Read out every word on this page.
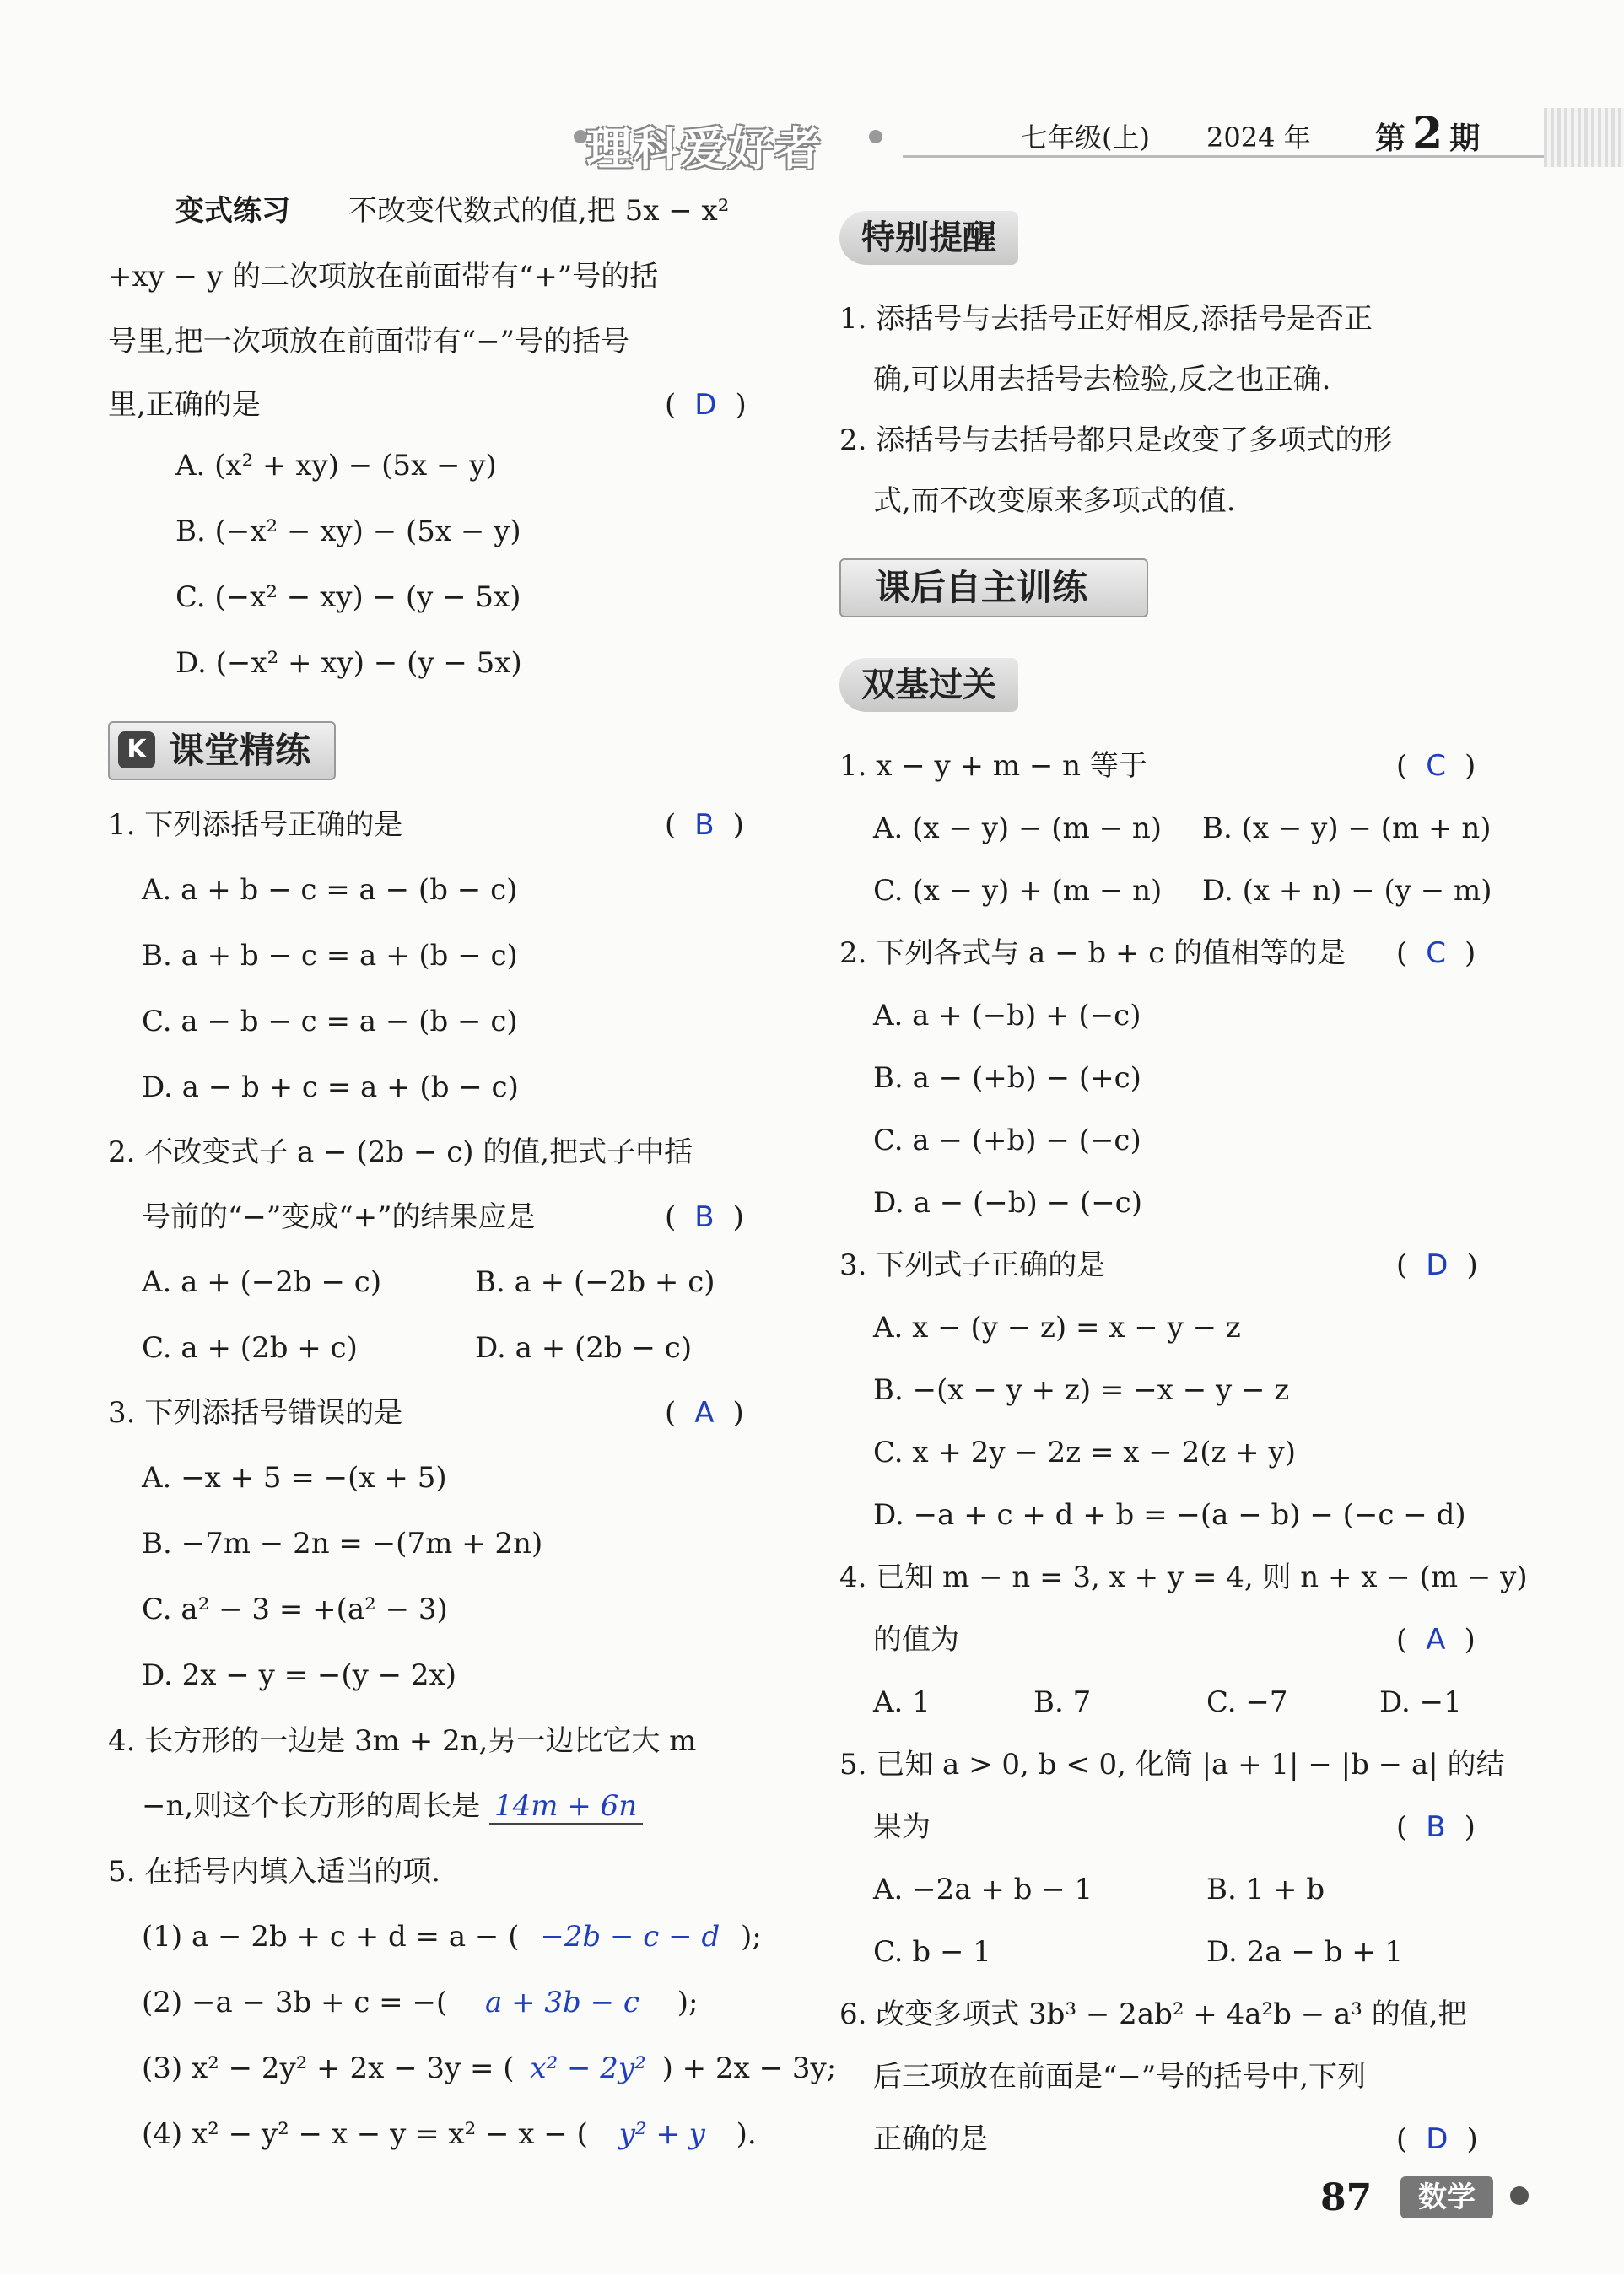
理科爱好者	七年级(上) 2024 年 第 2 期
变式练习 不改变代数式的值,把 5x − x²
+xy − y 的二次项放在前面带有“+”号的括
号里,把一次项放在前面带有“−”号的括号
里,正确的是	( D )
A. (x² + xy) − (5x − y)
B. (−x² − xy) − (5x − y)
C. (−x² − xy) − (y − 5x)
D. (−x² + xy) − (y − 5x)
K 课堂精练
1. 下列添括号正确的是	( B )
A. a + b − c = a − (b − c)
B. a + b − c = a + (b − c)
C. a − b − c = a − (b − c)
D. a − b + c = a + (b − c)
2. 不改变式子 a − (2b − c) 的值,把式子中括
号前的“−”变成“+”的结果应是	( B )
A. a + (−2b − c)	B. a + (−2b + c)
C. a + (2b + c)	D. a + (2b − c)
3. 下列添括号错误的是	( A )
A. −x + 5 = −(x + 5)
B. −7m − 2n = −(7m + 2n)
C. a² − 3 = +(a² − 3)
D. 2x − y = −(y − 2x)
4. 长方形的一边是 3m + 2n,另一边比它大 m
−n,则这个长方形的周长是 14m + 6n
5. 在括号内填入适当的项.
(1) a − 2b + c + d = a − ( −2b − c − d );
(2) −a − 3b + c = −( a + 3b − c );
(3) x² − 2y² + 2x − 3y = ( x² − 2y² ) + 2x − 3y;
(4) x² − y² − x − y = x² − x − ( y² + y ).
特别提醒
1. 添括号与去括号正好相反,添括号是否正
确,可以用去括号去检验,反之也正确.
2. 添括号与去括号都只是改变了多项式的形
式,而不改变原来多项式的值.
课后自主训练
双基过关
1. x − y + m − n 等于	( C )
A. (x − y) − (m − n) B. (x − y) − (m + n)
C. (x − y) + (m − n) D. (x + n) − (y − m)
2. 下列各式与 a − b + c 的值相等的是 ( C )
A. a + (−b) + (−c)
B. a − (+b) − (+c)
C. a − (+b) − (−c)
D. a − (−b) − (−c)
3. 下列式子正确的是	( D )
A. x − (y − z) = x − y − z
B. −(x − y + z) = −x − y − z
C. x + 2y − 2z = x − 2(z + y)
D. −a + c + d + b = −(a − b) − (−c − d)
4. 已知 m − n = 3, x + y = 4, 则 n + x − (m − y)
的值为	( A )
A. 1	B. 7	C. −7	D. −1
5. 已知 a > 0, b < 0, 化简 |a + 1| − |b − a| 的结
果为	( B )
A. −2a + b − 1	B. 1 + b
C. b − 1	D. 2a − b + 1
6. 改变多项式 3b³ − 2ab² + 4a²b − a³ 的值,把
后三项放在前面是“−”号的括号中,下列
正确的是	( D )
87	数学
